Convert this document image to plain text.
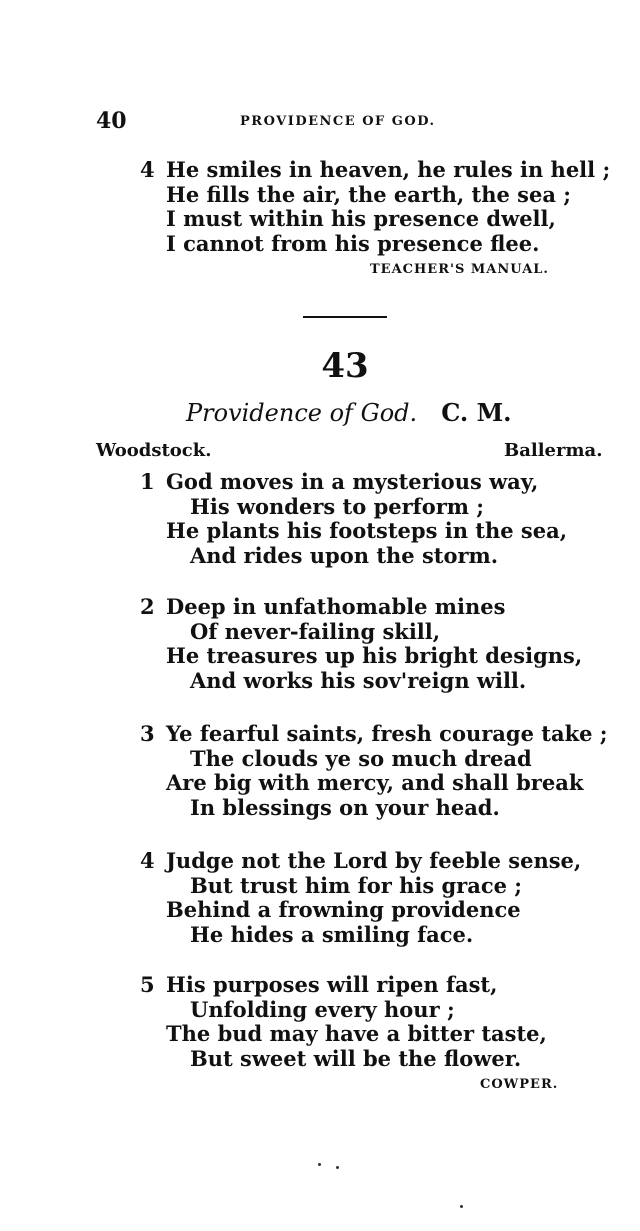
40	PROVIDENCE OF GOD.
4 He smiles in heaven, he rules in hell ;
He fills the air, the earth, the sea ;
I must within his presence dwell,
I cannot from his presence flee.
TEACHER'S MANUAL.
43
Providence of God. C. M.
Woodstock.	Ballerma.
1 God moves in a mysterious way,
His wonders to perform ;
He plants his footsteps in the sea,
And rides upon the storm.
2 Deep in unfathomable mines
Of never-failing skill,
He treasures up his bright designs,
And works his sov'reign will.
3 Ye fearful saints, fresh courage take ;
The clouds ye so much dread
Are big with mercy, and shall break
In blessings on your head.
4 Judge not the Lord by feeble sense,
But trust him for his grace ;
Behind a frowning providence
He hides a smiling face.
5 His purposes will ripen fast,
Unfolding every hour ;
The bud may have a bitter taste,
But sweet will be the flower.
COWPER.
